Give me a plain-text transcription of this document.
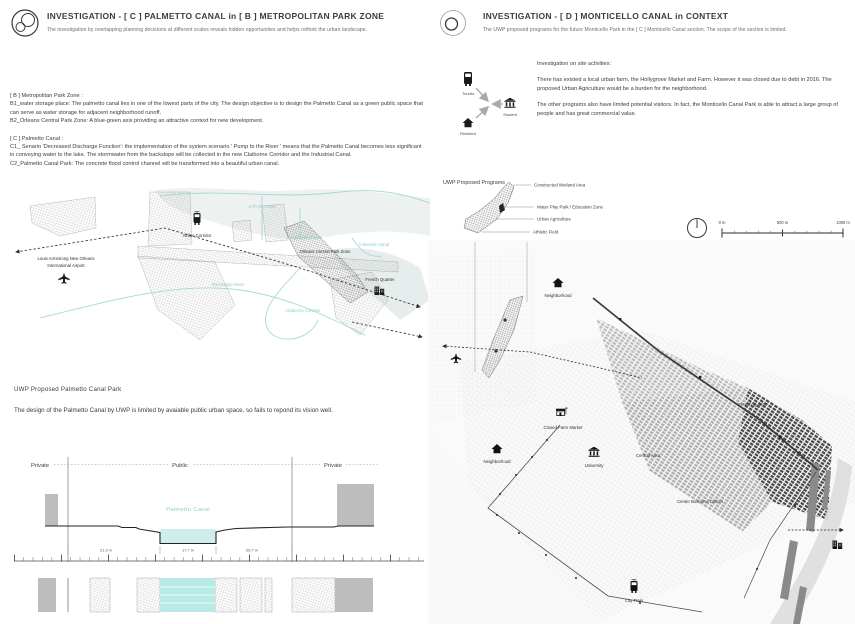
INVESTIGATION - [ C ] PALMETTO CANAL in [ B ] METROPOLITAN PARK ZONE
The investigation by overlapping planning decisions at different scales reveals hidden opportunities and helps rethink the urban landscape.

[ B ] Metropolitan Park Zone :

B1_water storage place: The palmetto canal lies in one of the lowest parts of the city. The design objective is to design the Palmetto Canal as a green public space that can serve as water storage for adjacent neighborhood runoff.

B2_Orleans Central Park Zone: A blue-green axis providing an attractive context for new development.

[ C ] Palmetto Canal :

C1_ Senario 'Decreased Discharge Function': the implementation of the system scenario ' Pump to the River ' means that the Palmetto Canal becomes less significant in conveying water to the lake. The stormwater from the backslope will be collected in the new Claiborne Corridor and the Industrial Canal.

C2_Palmetto Canal Park: The concrete flood control channel will be transformed into a beautiful urban canal.

17th St. Canal
Airline Corridor	Palmetto Canal
Orleans Central Park Zone
Industrial Canal
Louis Armstrong New Orleans
International Airport
Mississippi River
Claiborne Corridor
French Quarter
UWP Proposed Palmetto Canal Park
The design of the Palmetto Canal by UWP is limited by avaiable public urban space, so fails to repond its vision well.
Private	Public	Private
Palmetto Canal
21.9 m	17.7 m	26.7 m
INVESTIGATION - [ D ] MONTICELLO CANAL in CONTEXT
The UWP proposed programs for the future Monticello Park in the [ C ] Monticello Canal section. The scope of the section is limited.
Tourist
Student
Resident

Investigation on site activities:

There has existed a local urban farm, the Hollygrove Market and Farm. However it was closed due to debt in 2016. The proposed Urban Agriculture would be a burden for the neighborhood.

The other programs also have limited potential visitors. In fact, the Monticello Canal Park is able to attract a large group of people and has great commercial value.

UWP Proposed Programs	Constructed Wetland Area
Water Play Park / Education Zone
Urban Agriculture
Athletic Field
0 m	500 m	1000 m
Neighborhood
Closed Farm Market
University
French Quarter
Central Area
Center Business District
Neighborhood
City Train
